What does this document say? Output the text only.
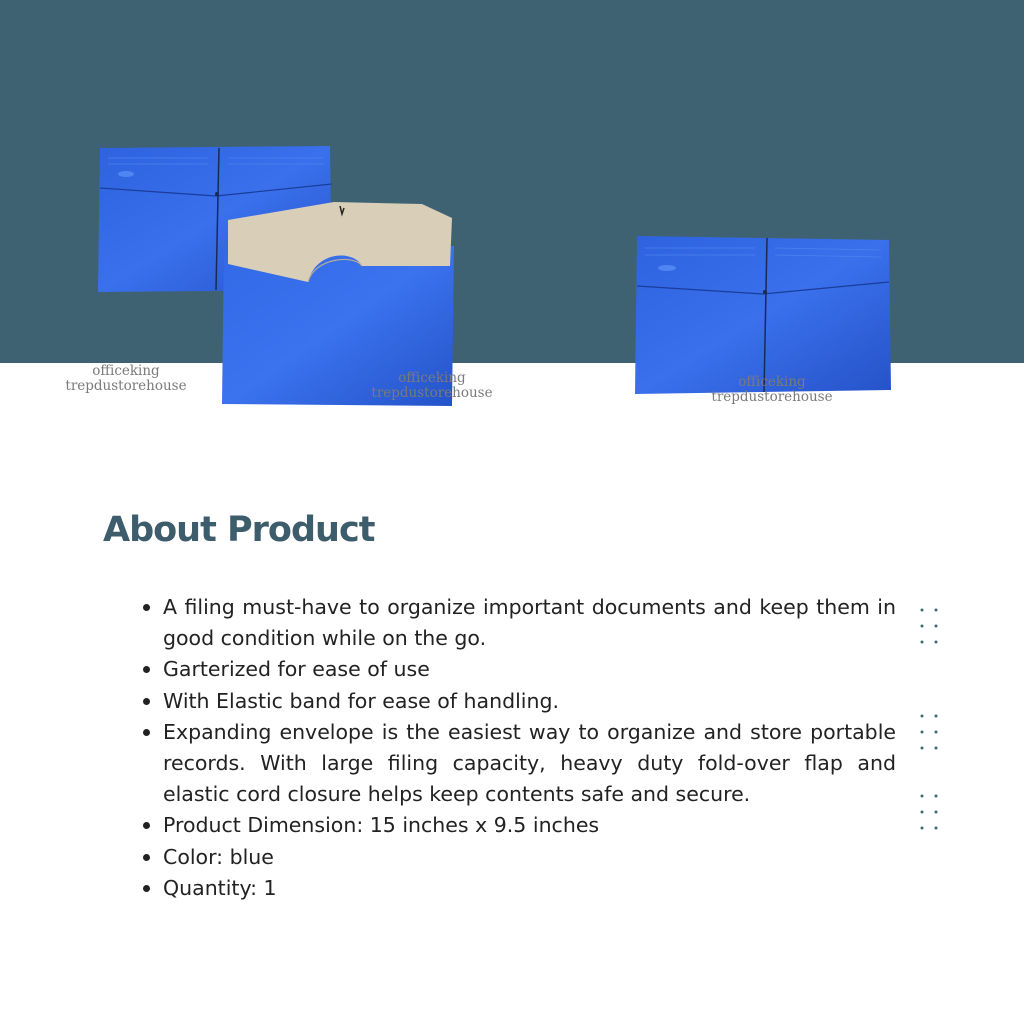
officeking
trepdustorehouse	officeking
trepdustorehouse
officeking
trepdustorehouse
About Product
A filing must-have to organize important documents and keep them in good condition while on the go.
Garterized for ease of use
With Elastic band for ease of handling.
Expanding envelope is the easiest way to organize and store portable records. With large filing capacity, heavy duty fold-over flap and elastic cord closure helps keep contents safe and secure.
Product Dimension: 15 inches x 9.5 inches
Color: blue
Quantity: 1
